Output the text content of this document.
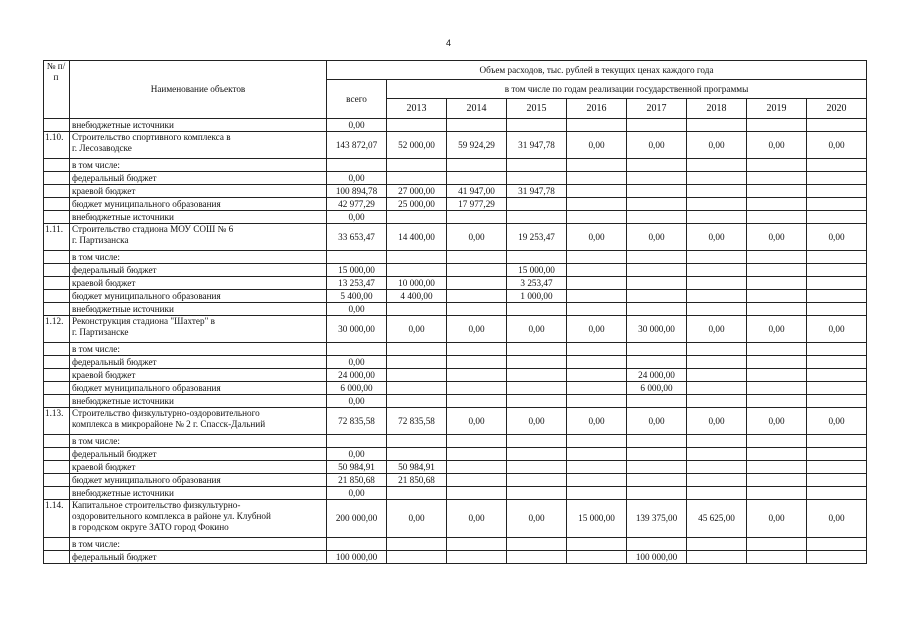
4
№ п/п	Наименование объектов	Объем расходов, тыс. рублей в текущих ценах каждого года								
		всего	в том числе по годам реализации государственной программы							
			2013	2014	2015	2016	2017	2018	2019	2020

	внебюджетные источники	0,00								
1.10.	Строительство спортивного комплекса в
г. Лесозаводске	143 872,07	52 000,00	59 924,29	31 947,78	0,00	0,00	0,00	0,00	0,00

	в том числе:									

	федеральный бюджет	0,00								

	краевой бюджет	100 894,78	27 000,00	41 947,00	31 947,78					

	бюджет муниципального образования	42 977,29	25 000,00	17 977,29						

	внебюджетные источники	0,00								
1.11.	Строительство стадиона МОУ СОШ № 6
г. Партизанска	33 653,47	14 400,00	0,00	19 253,47	0,00	0,00	0,00	0,00	0,00

	в том числе:									

	федеральный бюджет	15 000,00			15 000,00					

	краевой бюджет	13 253,47	10 000,00		3 253,47					

	бюджет муниципального образования	5 400,00	4 400,00		1 000,00					

	внебюджетные источники	0,00								
1.12.	Реконструкция стадиона "Шахтер" в
г. Партизанске	30 000,00	0,00	0,00	0,00	0,00	30 000,00	0,00	0,00	0,00

	в том числе:									

	федеральный бюджет	0,00								

	краевой бюджет	24 000,00					24 000,00			

	бюджет муниципального образования	6 000,00					6 000,00			

	внебюджетные источники	0,00								
1.13.	Строительство физкультурно-оздоровительного
комплекса в микрорайоне № 2 г. Спасск-Дальний	72 835,58	72 835,58	0,00	0,00	0,00	0,00	0,00	0,00	0,00

	в том числе:									

	федеральный бюджет	0,00								

	краевой бюджет	50 984,91	50 984,91							

	бюджет муниципального образования	21 850,68	21 850,68							

	внебюджетные источники	0,00								
1.14.	Капитальное строительство физкультурно-
оздоровительного комплекса в районе ул. Клубной
в городском округе ЗАТО город Фокино	200 000,00	0,00	0,00	0,00	15 000,00	139 375,00	45 625,00	0,00	0,00

	в том числе:									

	федеральный бюджет	100 000,00					100 000,00			
